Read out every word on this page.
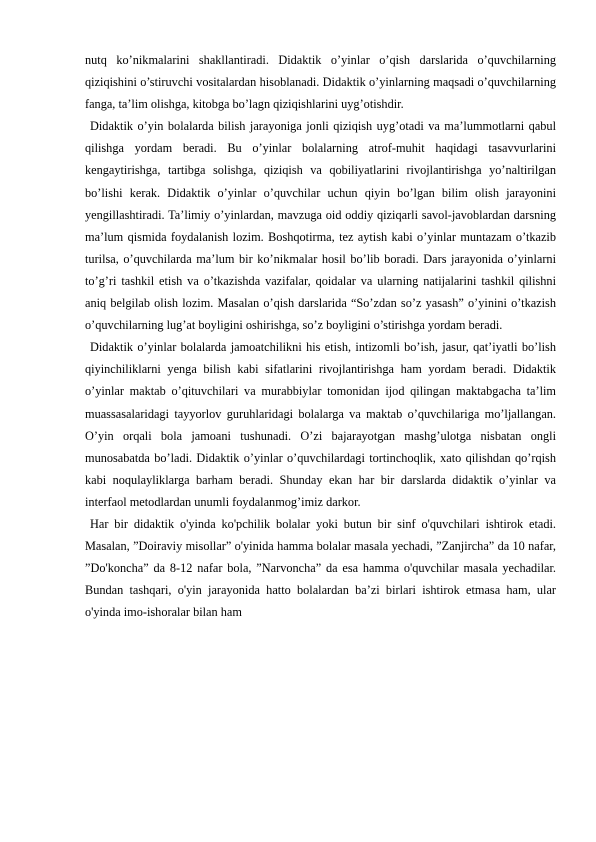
nutq ko’nikmalarini shakllantiradi. Didaktik o’yinlar o’qish darslarida o’quvchilarning qiziqishini o’stiruvchi vositalardan hisoblanadi. Didaktik o’yinlarning maqsadi o’quvchilarning fanga, ta’lim olishga, kitobga bo’lagn qiziqishlarini uyg’otishdir.

Didaktik o’yin bolalarda bilish jarayoniga jonli qiziqish uyg’otadi va ma’lummotlarni qabul qilishga yordam beradi. Bu o’yinlar bolalarning atrof-muhit haqidagi tasavvurlarini kengaytirishga, tartibga solishga, qiziqish va qobiliyatlarini rivojlantirishga yo’naltirilgan bo’lishi kerak. Didaktik o’yinlar o’quvchilar uchun qiyin bo’lgan bilim olish jarayonini yengillashtiradi. Ta’limiy o’yinlardan, mavzuga oid oddiy qiziqarli savol-javoblardan darsning ma’lum qismida foydalanish lozim. Boshqotirma, tez aytish kabi o’yinlar muntazam o’tkazib turilsa, o’quvchilarda ma’lum bir ko’nikmalar hosil bo’lib boradi. Dars jarayonida o’yinlarni to’g’ri tashkil etish va o’tkazishda vazifalar, qoidalar va ularning natijalarini tashkil qilishni aniq belgilab olish lozim. Masalan o’qish darslarida “So’zdan so’z yasash” o’yinini o’tkazish o’quvchilarning lug’at boyligini oshirishga, so’z boyligini o’stirishga yordam beradi.

Didaktik o’yinlar bolalarda jamoatchilikni his etish, intizomli bo’ish, jasur, qat’iyatli bo’lish qiyinchiliklarni yenga bilish kabi sifatlarini rivojlantirishga ham yordam beradi. Didaktik o’yinlar maktab o’qituvchilari va murabbiylar tomonidan ijod qilingan maktabgacha ta’lim muassasalaridagi tayyorlov guruhlaridagi bolalarga va maktab o’quvchilariga mo’ljallangan. O’yin orqali bola jamoani tushunadi. O’zi bajarayotgan mashg’ulotga nisbatan ongli munosabatda bo’ladi. Didaktik o’yinlar o’quvchilardagi tortinchoqlik, xato qilishdan qo’rqish kabi noqulayliklarga barham beradi. Shunday ekan har bir darslarda didaktik o’yinlar va interfaol metodlardan unumli foydalanmog’imiz darkor.

Har bir didaktik o'yinda ko'pchilik bolalar yoki butun bir sinf o'quvchilari ishtirok etadi. Masalan, ”Doiraviy misollar” o'yinida hamma bolalar masala yechadi, ”Zanjircha” da 10 nafar, ”Do'koncha” da 8-12 nafar bola, ”Narvoncha” da esa hamma o'quvchilar masala yechadilar. Bundan tashqari, o'yin jarayonida hatto bolalardan ba’zi birlari ishtirok etmasa ham, ular o'yinda imo-ishoralar bilan ham
